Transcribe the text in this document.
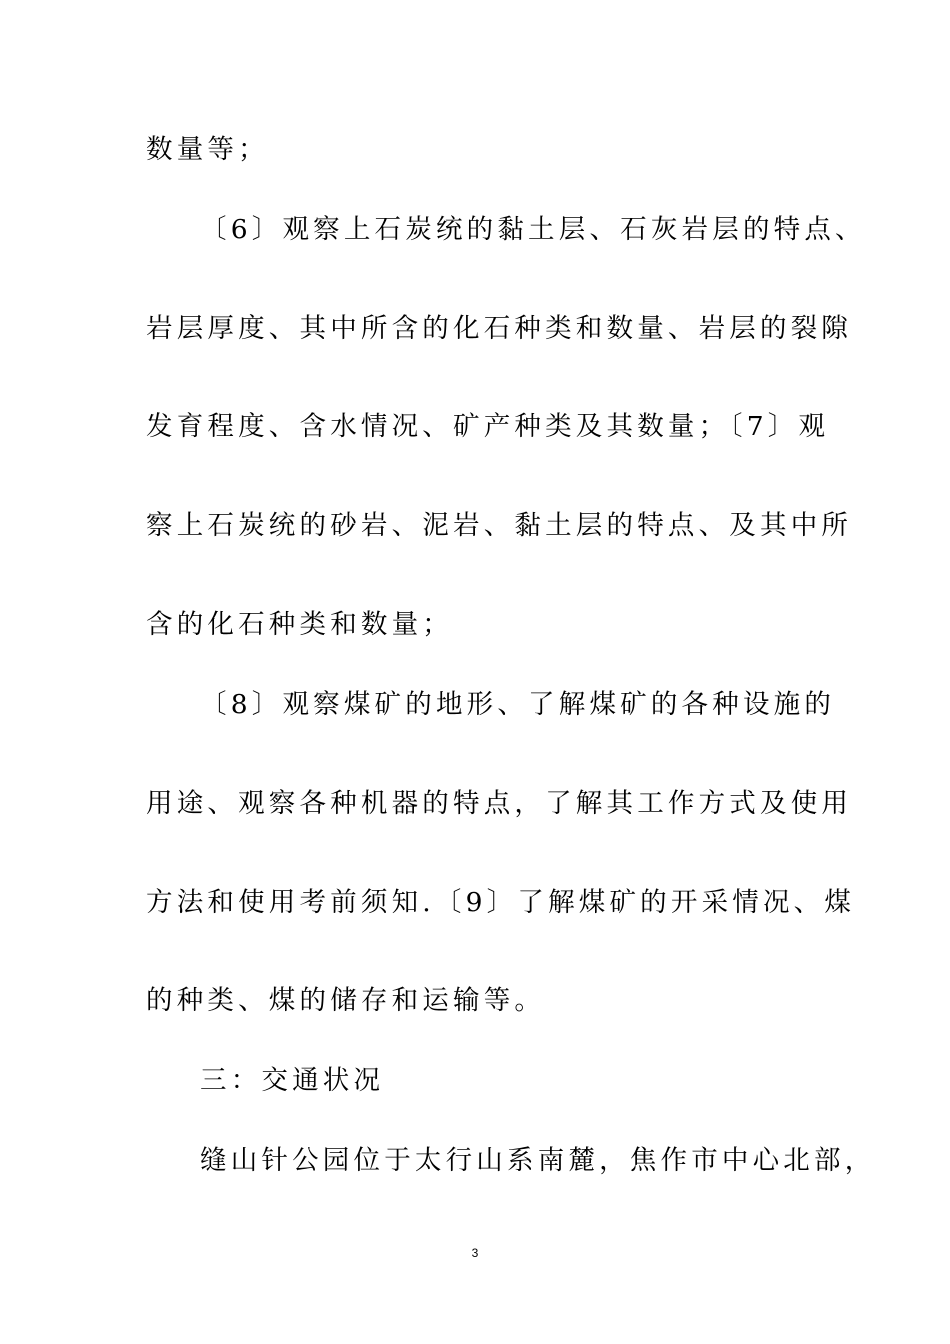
数量等；
〔6〕观察上石炭统的黏土层、石灰岩层的特点、
岩层厚度、其中所含的化石种类和数量、岩层的裂隙
发育程度、含水情况、矿产种类及其数量；〔7〕观
察上石炭统的砂岩、泥岩、黏土层的特点、及其中所
含的化石种类和数量；
〔8〕观察煤矿的地形、了解煤矿的各种设施的
用途、观察各种机器的特点，了解其工作方式及使用
方法和使用考前须知.〔9〕了解煤矿的开采情况、煤
的种类、煤的储存和运输等。
三：交通状况
缝山针公园位于太行山系南麓，焦作市中心北部，
3
